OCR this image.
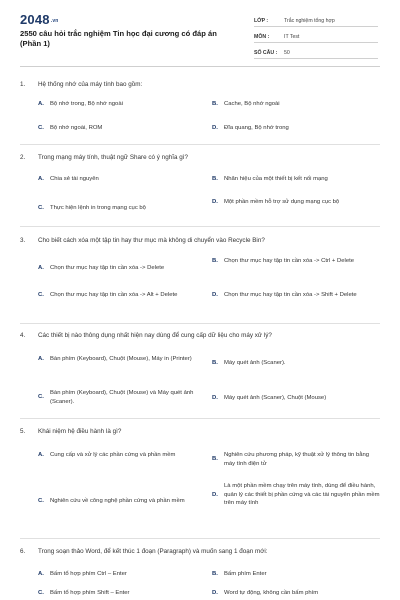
2048.vn
2550 câu hỏi trắc nghiệm Tin học đại cương có đáp án (Phần 1)
LỚP :	Trắc nghiệm tổng hợp
MÔN :	IT Test
SỐ CÂU :	50
1.	Hệ thống nhớ của máy tính bao gồm:
A.	Bộ nhớ trong, Bộ nhớ ngoài	B.	Cache, Bộ nhớ ngoài
C.	Bộ nhớ ngoài, ROM	D.	Đĩa quang, Bộ nhớ trong
2.	Trong mạng máy tính, thuật ngữ Share có ý nghĩa gì?
A.	Chia sẻ tài nguyên	B.	Nhãn hiệu của một thiết bị kết nối mạng
C.	Thực hiện lệnh in trong mạng cục bộ
D.	Một phần mềm hỗ trợ sử dụng mạng cục bộ
3.	Cho biết cách xóa một tập tin hay thư mục mà không di chuyển vào Recycle Bin?
A.	Chọn thư mục hay tập tin cần xóa -> Delete
B.	Chọn thư mục hay tập tin cần xóa -> Ctrl + Delete
C.	Chọn thư mục hay tập tin cần xóa -> Alt + Delete	D.	Chọn thư mục hay tập tin cần xóa -> Shift + Delete
4.	Các thiết bị nào thông dụng nhất hiện nay dùng để cung cấp dữ liệu cho máy xử lý?
A.	Bàn phím (Keyboard), Chuột (Mouse), Máy in (Printer)
B.	Máy quét ảnh (Scaner).
C.
Bàn phím (Keyboard), Chuột (Mouse) và Máy quét ảnh (Scaner).
D.	Máy quét ảnh (Scaner), Chuột (Mouse)
5.	Khái niệm hệ điều hành là gì?
A.	Cung cấp và xử lý các phần cứng và phần mềm
B.
Nghiên cứu phương pháp, kỹ thuật xử lý thông tin bằng máy tính điện tử
C.	Nghiên cứu về công nghệ phần cứng và phần mềm
D.
Là một phần mềm chạy trên máy tính, dùng để điều hành, quản lý các thiết bị phần cứng và các tài nguyên phần mềm trên máy tính
6.	Trong soạn thảo Word, để kết thúc 1 đoạn (Paragraph) và muốn sang 1 đoạn mới:
A.	Bấm tổ hợp phím Ctrl – Enter	B.	Bấm phím Enter
C.	Bấm tổ hợp phím Shift – Enter	D.	Word tự động, không cần bấm phím
